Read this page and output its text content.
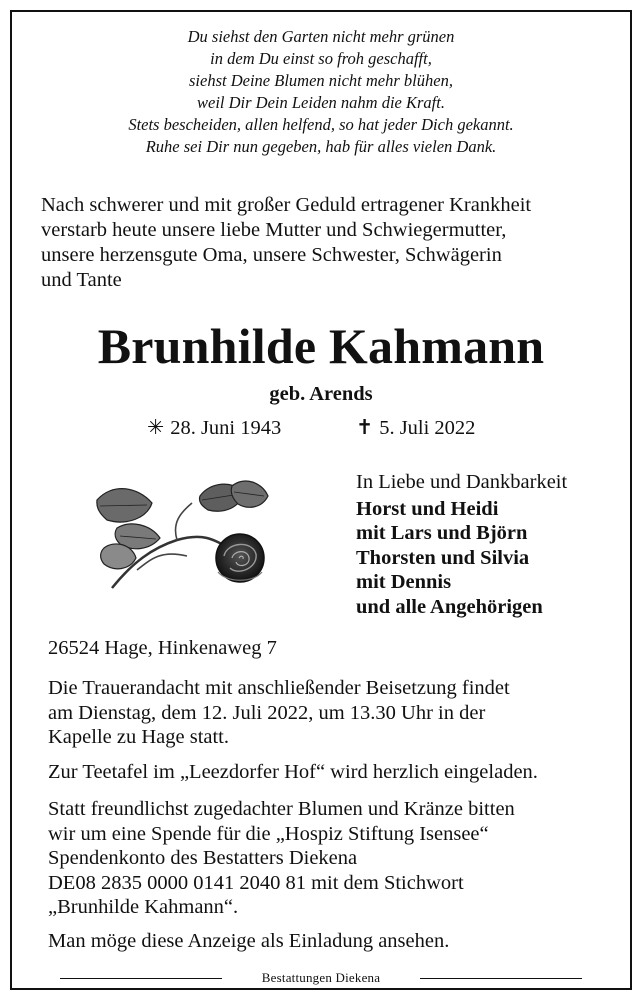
Du siehst den Garten nicht mehr grünen
in dem Du einst so froh geschafft,
siehst Deine Blumen nicht mehr blühen,
weil Dir Dein Leiden nahm die Kraft.
Stets bescheiden, allen helfend, so hat jeder Dich gekannt.
Ruhe sei Dir nun gegeben, hab für alles vielen Dank.
Nach schwerer und mit großer Geduld ertragener Krankheit
verstarb heute unsere liebe Mutter und Schwiegermutter,
unsere herzensgute Oma, unsere Schwester, Schwägerin
und Tante
Brunhilde Kahmann
geb. Arends
✳ 28. Juni 1943	✝ 5. Juli 2022
In Liebe und Dankbarkeit
Horst und Heidi
mit Lars und Björn
Thorsten und Silvia
mit Dennis
und alle Angehörigen
26524 Hage, Hinkenaweg 7
Die Trauerandacht mit anschließender Beisetzung findet
am Dienstag, dem 12. Juli 2022, um 13.30 Uhr in der
Kapelle zu Hage statt.
Zur Teetafel im „Leezdorfer Hof“ wird herzlich eingeladen.
Statt freundlichst zugedachter Blumen und Kränze bitten
wir um eine Spende für die „Hospiz Stiftung Isensee“
Spendenkonto des Bestatters Diekena
DE08 2835 0000 0141 2040 81 mit dem Stichwort
„Brunhilde Kahmann“.
Man möge diese Anzeige als Einladung ansehen.
Bestattungen Diekena
